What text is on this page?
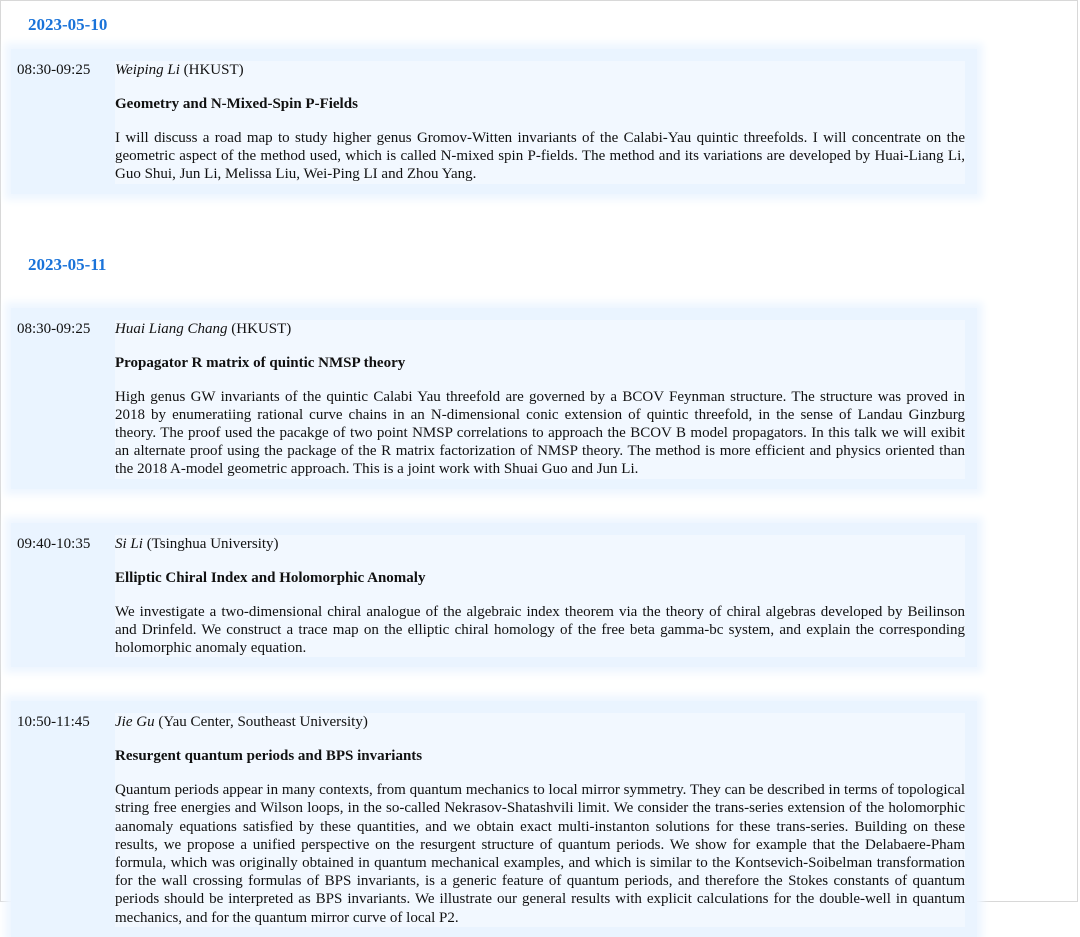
2023-05-10
08:30-09:25	Weiping Li (HKUST)

Geometry and N-Mixed-Spin P-Fields

I will discuss a road map to study higher genus Gromov-Witten invariants of the Calabi-Yau quintic threefolds. I will concentrate on the geometric aspect of the method used, which is called N-mixed spin P-fields. The method and its variations are developed by Huai-Liang Li, Guo Shui, Jun Li, Melissa Liu, Wei-Ping LI and Zhou Yang.

2023-05-11
08:30-09:25	Huai Liang Chang (HKUST)

Propagator R matrix of quintic NMSP theory

High genus GW invariants of the quintic Calabi Yau threefold are governed by a BCOV Feynman structure. The structure was proved in 2018 by enumeratiing rational curve chains in an N-dimensional conic extension of quintic threefold, in the sense of Landau Ginzburg theory. The proof used the pacakge of two point NMSP correlations to approach the BCOV B model propagators. In this talk we will exibit an alternate proof using the package of the R matrix factorization of NMSP theory. The method is more efficient and physics oriented than the 2018 A-model geometric approach. This is a joint work with Shuai Guo and Jun Li.

09:40-10:35	Si Li (Tsinghua University)

Elliptic Chiral Index and Holomorphic Anomaly

We investigate a two-dimensional chiral analogue of the algebraic index theorem via the theory of chiral algebras developed by Beilinson and Drinfeld. We construct a trace map on the elliptic chiral homology of the free beta gamma-bc system, and explain the corresponding holomorphic anomaly equation.

10:50-11:45	Jie Gu (Yau Center, Southeast University)

Resurgent quantum periods and BPS invariants

Quantum periods appear in many contexts, from quantum mechanics to local mirror symmetry. They can be described in terms of topological string free energies and Wilson loops, in the so-called Nekrasov-Shatashvili limit. We consider the trans-series extension of the holomorphic aanomaly equations satisfied by these quantities, and we obtain exact multi-instanton solutions for these trans-series. Building on these results, we propose a unified perspective on the resurgent structure of quantum periods. We show for example that the Delabaere-Pham formula, which was originally obtained in quantum mechanical examples, and which is similar to the Kontsevich-Soibelman transformation for the wall crossing formulas of BPS invariants, is a generic feature of quantum periods, and therefore the Stokes constants of quantum periods should be interpreted as BPS invariants. We illustrate our general results with explicit calculations for the double-well in quantum mechanics, and for the quantum mirror curve of local P2.
